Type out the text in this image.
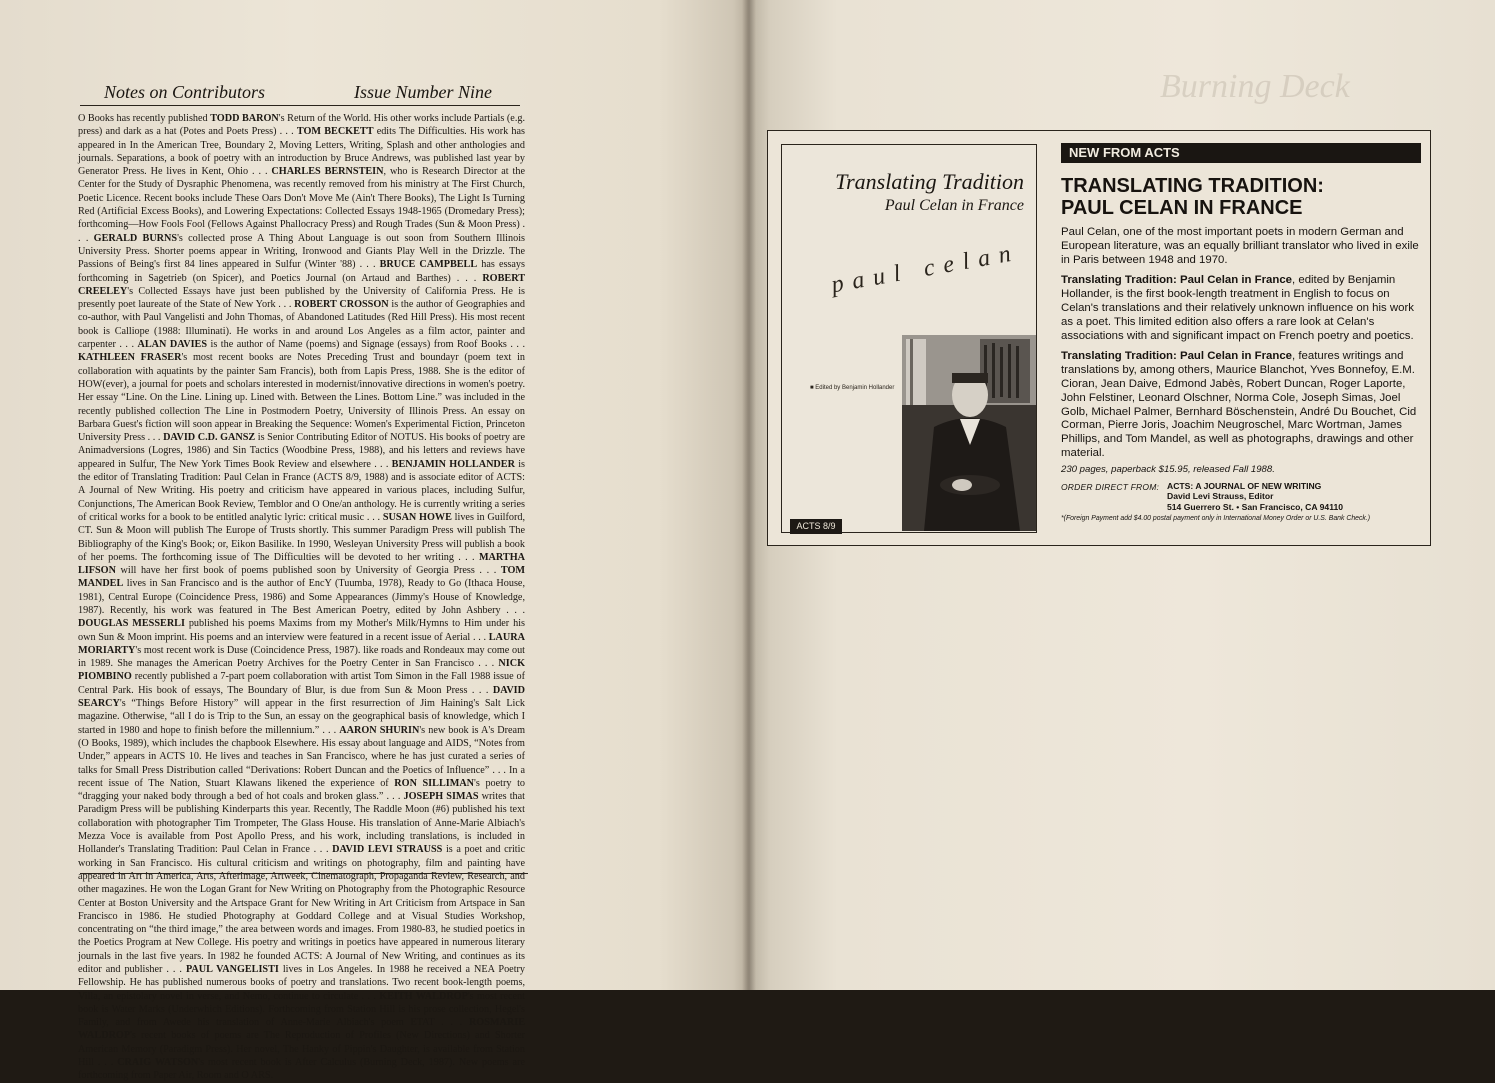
Notes on Contributors	Issue Number Nine
O Books has recently published TODD BARON's Return of the World. His other works include Partials (e.g. press) and dark as a hat (Potes and Poets Press) . . . TOM BECKETT edits The Difficulties. His work has appeared in In the American Tree, Boundary 2, Moving Letters, Writing, Splash and other anthologies and journals. Separations, a book of poetry with an introduction by Bruce Andrews, was published last year by Generator Press. He lives in Kent, Ohio . . . CHARLES BERNSTEIN, who is Research Director at the Center for the Study of Dysraphic Phenomena, was recently removed from his ministry at The First Church, Poetic Licence. Recent books include These Oars Don't Move Me (Ain't There Books), The Light Is Turning Red (Artificial Excess Books), and Lowering Expectations: Collected Essays 1948-1965 (Dromedary Press); forthcoming—How Fools Fool (Fellows Against Phallocracy Press) and Rough Trades (Sun & Moon Press) . . . GERALD BURNS's collected prose A Thing About Language is out soon from Southern Illinois University Press. Shorter poems appear in Writing, Ironwood and Giants Play Well in the Drizzle. The Passions of Being's first 84 lines appeared in Sulfur (Winter '88) . . . BRUCE CAMPBELL has essays forthcoming in Sagetrieb (on Spicer), and Poetics Journal (on Artaud and Barthes) . . . ROBERT CREELEY's Collected Essays have just been published by the University of California Press. He is presently poet laureate of the State of New York . . . ROBERT CROSSON is the author of Geographies and co-author, with Paul Vangelisti and John Thomas, of Abandoned Latitudes (Red Hill Press). His most recent book is Calliope (1988: Illuminati). He works in and around Los Angeles as a film actor, painter and carpenter . . . ALAN DAVIES is the author of Name (poems) and Signage (essays) from Roof Books . . . KATHLEEN FRASER's most recent books are Notes Preceding Trust and boundayr (poem text in collaboration with aquatints by the painter Sam Francis), both from Lapis Press, 1988. She is the editor of HOW(ever), a journal for poets and scholars interested in modernist/innovative directions in women's poetry. Her essay “Line. On the Line. Lining up. Lined with. Between the Lines. Bottom Line.” was included in the recently published collection The Line in Postmodern Poetry, University of Illinois Press. An essay on Barbara Guest's fiction will soon appear in Breaking the Sequence: Women's Experimental Fiction, Princeton University Press . . . DAVID C.D. GANSZ is Senior Contributing Editor of NOTUS. His books of poetry are Animadversions (Logres, 1986) and Sin Tactics (Woodbine Press, 1988), and his letters and reviews have appeared in Sulfur, The New York Times Book Review and elsewhere . . . BENJAMIN HOLLANDER is the editor of Translating Tradition: Paul Celan in France (ACTS 8/9, 1988) and is associate editor of ACTS: A Journal of New Writing. His poetry and criticism have appeared in various places, including Sulfur, Conjunctions, The American Book Review, Temblor and O One/an anthology. He is currently writing a series of critical works for a book to be entitled analytic lyric: critical music . . . SUSAN HOWE lives in Guilford, CT. Sun & Moon will publish The Europe of Trusts shortly. This summer Paradigm Press will publish The Bibliography of the King's Book; or, Eikon Basilike. In 1990, Wesleyan University Press will publish a book of her poems. The forthcoming issue of The Difficulties will be devoted to her writing . . . MARTHA LIFSON will have her first book of poems published soon by University of Georgia Press . . . TOM MANDEL lives in San Francisco and is the author of EncY (Tuumba, 1978), Ready to Go (Ithaca House, 1981), Central Europe (Coincidence Press, 1986) and Some Appearances (Jimmy's House of Knowledge, 1987). Recently, his work was featured in The Best American Poetry, edited by John Ashbery . . . DOUGLAS MESSERLI published his poems Maxims from my Mother's Milk/Hymns to Him under his own Sun & Moon imprint. His poems and an interview were featured in a recent issue of Aerial . . . LAURA MORIARTY's most recent work is Duse (Coincidence Press, 1987). like roads and Rondeaux may come out in 1989. She manages the American Poetry Archives for the Poetry Center in San Francisco . . . NICK PIOMBINO recently published a 7-part poem collaboration with artist Tom Simon in the Fall 1988 issue of Central Park. His book of essays, The Boundary of Blur, is due from Sun & Moon Press . . . DAVID SEARCY's “Things Before History” will appear in the first resurrection of Jim Haining's Salt Lick magazine. Otherwise, “all I do is Trip to the Sun, an essay on the geographical basis of knowledge, which I started in 1980 and hope to finish before the millennium.” . . . AARON SHURIN's new book is A's Dream (O Books, 1989), which includes the chapbook Elsewhere. His essay about language and AIDS, “Notes from Under,” appears in ACTS 10. He lives and teaches in San Francisco, where he has just curated a series of talks for Small Press Distribution called “Derivations: Robert Duncan and the Poetics of Influence” . . . In a recent issue of The Nation, Stuart Klawans likened the experience of RON SILLIMAN's poetry to “dragging your naked body through a bed of hot coals and broken glass.” . . . JOSEPH SIMAS writes that Paradigm Press will be publishing Kinderparts this year. Recently, The Raddle Moon (#6) published his text collaboration with photographer Tim Trompeter, The Glass House. His translation of Anne-Marie Albiach's Mezza Voce is available from Post Apollo Press, and his work, including translations, is included in Hollander's Translating Tradition: Paul Celan in France . . . DAVID LEVI STRAUSS is a poet and critic working in San Francisco. His cultural criticism and writings on photography, film and painting have appeared in Art in America, Arts, Afterimage, Artweek, Cinematograph, Propaganda Review, Research, and other magazines. He won the Logan Grant for New Writing on Photography from the Photographic Resource Center at Boston University and the Artspace Grant for New Writing in Art Criticism from Artspace in San Francisco in 1986. He studied Photography at Goddard College and at Visual Studies Workshop, concentrating on “the third image,” the area between words and images. From 1980-83, he studied poetics in the Poetics Program at New College. His poetry and writings in poetics have appeared in numerous literary journals in the last five years. In 1982 he founded ACTS: A Journal of New Writing, and continues as its editor and publisher . . . PAUL VANGELISTI lives in Los Angeles. In 1988 he received a NEA Poetry Fellowship. He has published numerous books of poetry and translations. Two recent book-length poems, Villa, an epistolary novel in verse, and Nemo, continue to circulate . . . KEITH WALDROP's most recent book is Water Marks (Underwhich Editions). Forthcoming from Station Hill is his prose collection, Hegel's Family, and from Awede his translation of Anne-Marie Albiach's poem ETAT . . . ROSMARIE WALDROP's recent books of poems are The Reproduction of Profiles (New Directions) and Shorter American Memory (Paradigm Press). Her novel, The Hanky of Pippin's Daughter, is available from Station Hill . . . CRAIG WATSON's most recent book is After Calculus (Burning Deck, 1987). New poems are forthcoming from Paper Air, Room and O ARS.
Burning Deck
Translating Tradition
Paul Celan in France
paul celan
■ Edited by Benjamin Hollander
ACTS 8/9
NEW FROM ACTS
TRANSLATING TRADITION:
PAUL CELAN IN FRANCE
Paul Celan, one of the most important poets in modern German and European literature, was an equally brilliant translator who lived in exile in Paris between 1948 and 1970.
Translating Tradition: Paul Celan in France, edited by Benjamin Hollander, is the first book-length treatment in English to focus on Celan's translations and their relatively unknown influence on his work as a poet. This limited edition also offers a rare look at Celan's associations with and significant impact on French poetry and poetics.
Translating Tradition: Paul Celan in France, features writings and translations by, among others, Maurice Blanchot, Yves Bonnefoy, E.M. Cioran, Jean Daive, Edmond Jabès, Robert Duncan, Roger Laporte, John Felstiner, Leonard Olschner, Norma Cole, Joseph Simas, Joel Golb, Michael Palmer, Bernhard Böschenstein, André Du Bouchet, Cid Corman, Pierre Joris, Joachim Neugroschel, Marc Wortman, James Phillips, and Tom Mandel, as well as photographs, drawings and other material.
230 pages, paperback $15.95, released Fall 1988.
ORDER DIRECT FROM: ACTS: A JOURNAL OF NEW WRITING
David Levi Strauss, Editor
514 Guerrero St. • San Francisco, CA 94110
*(Foreign Payment add $4.00 postal payment only in International Money Order or U.S. Bank Check.)
